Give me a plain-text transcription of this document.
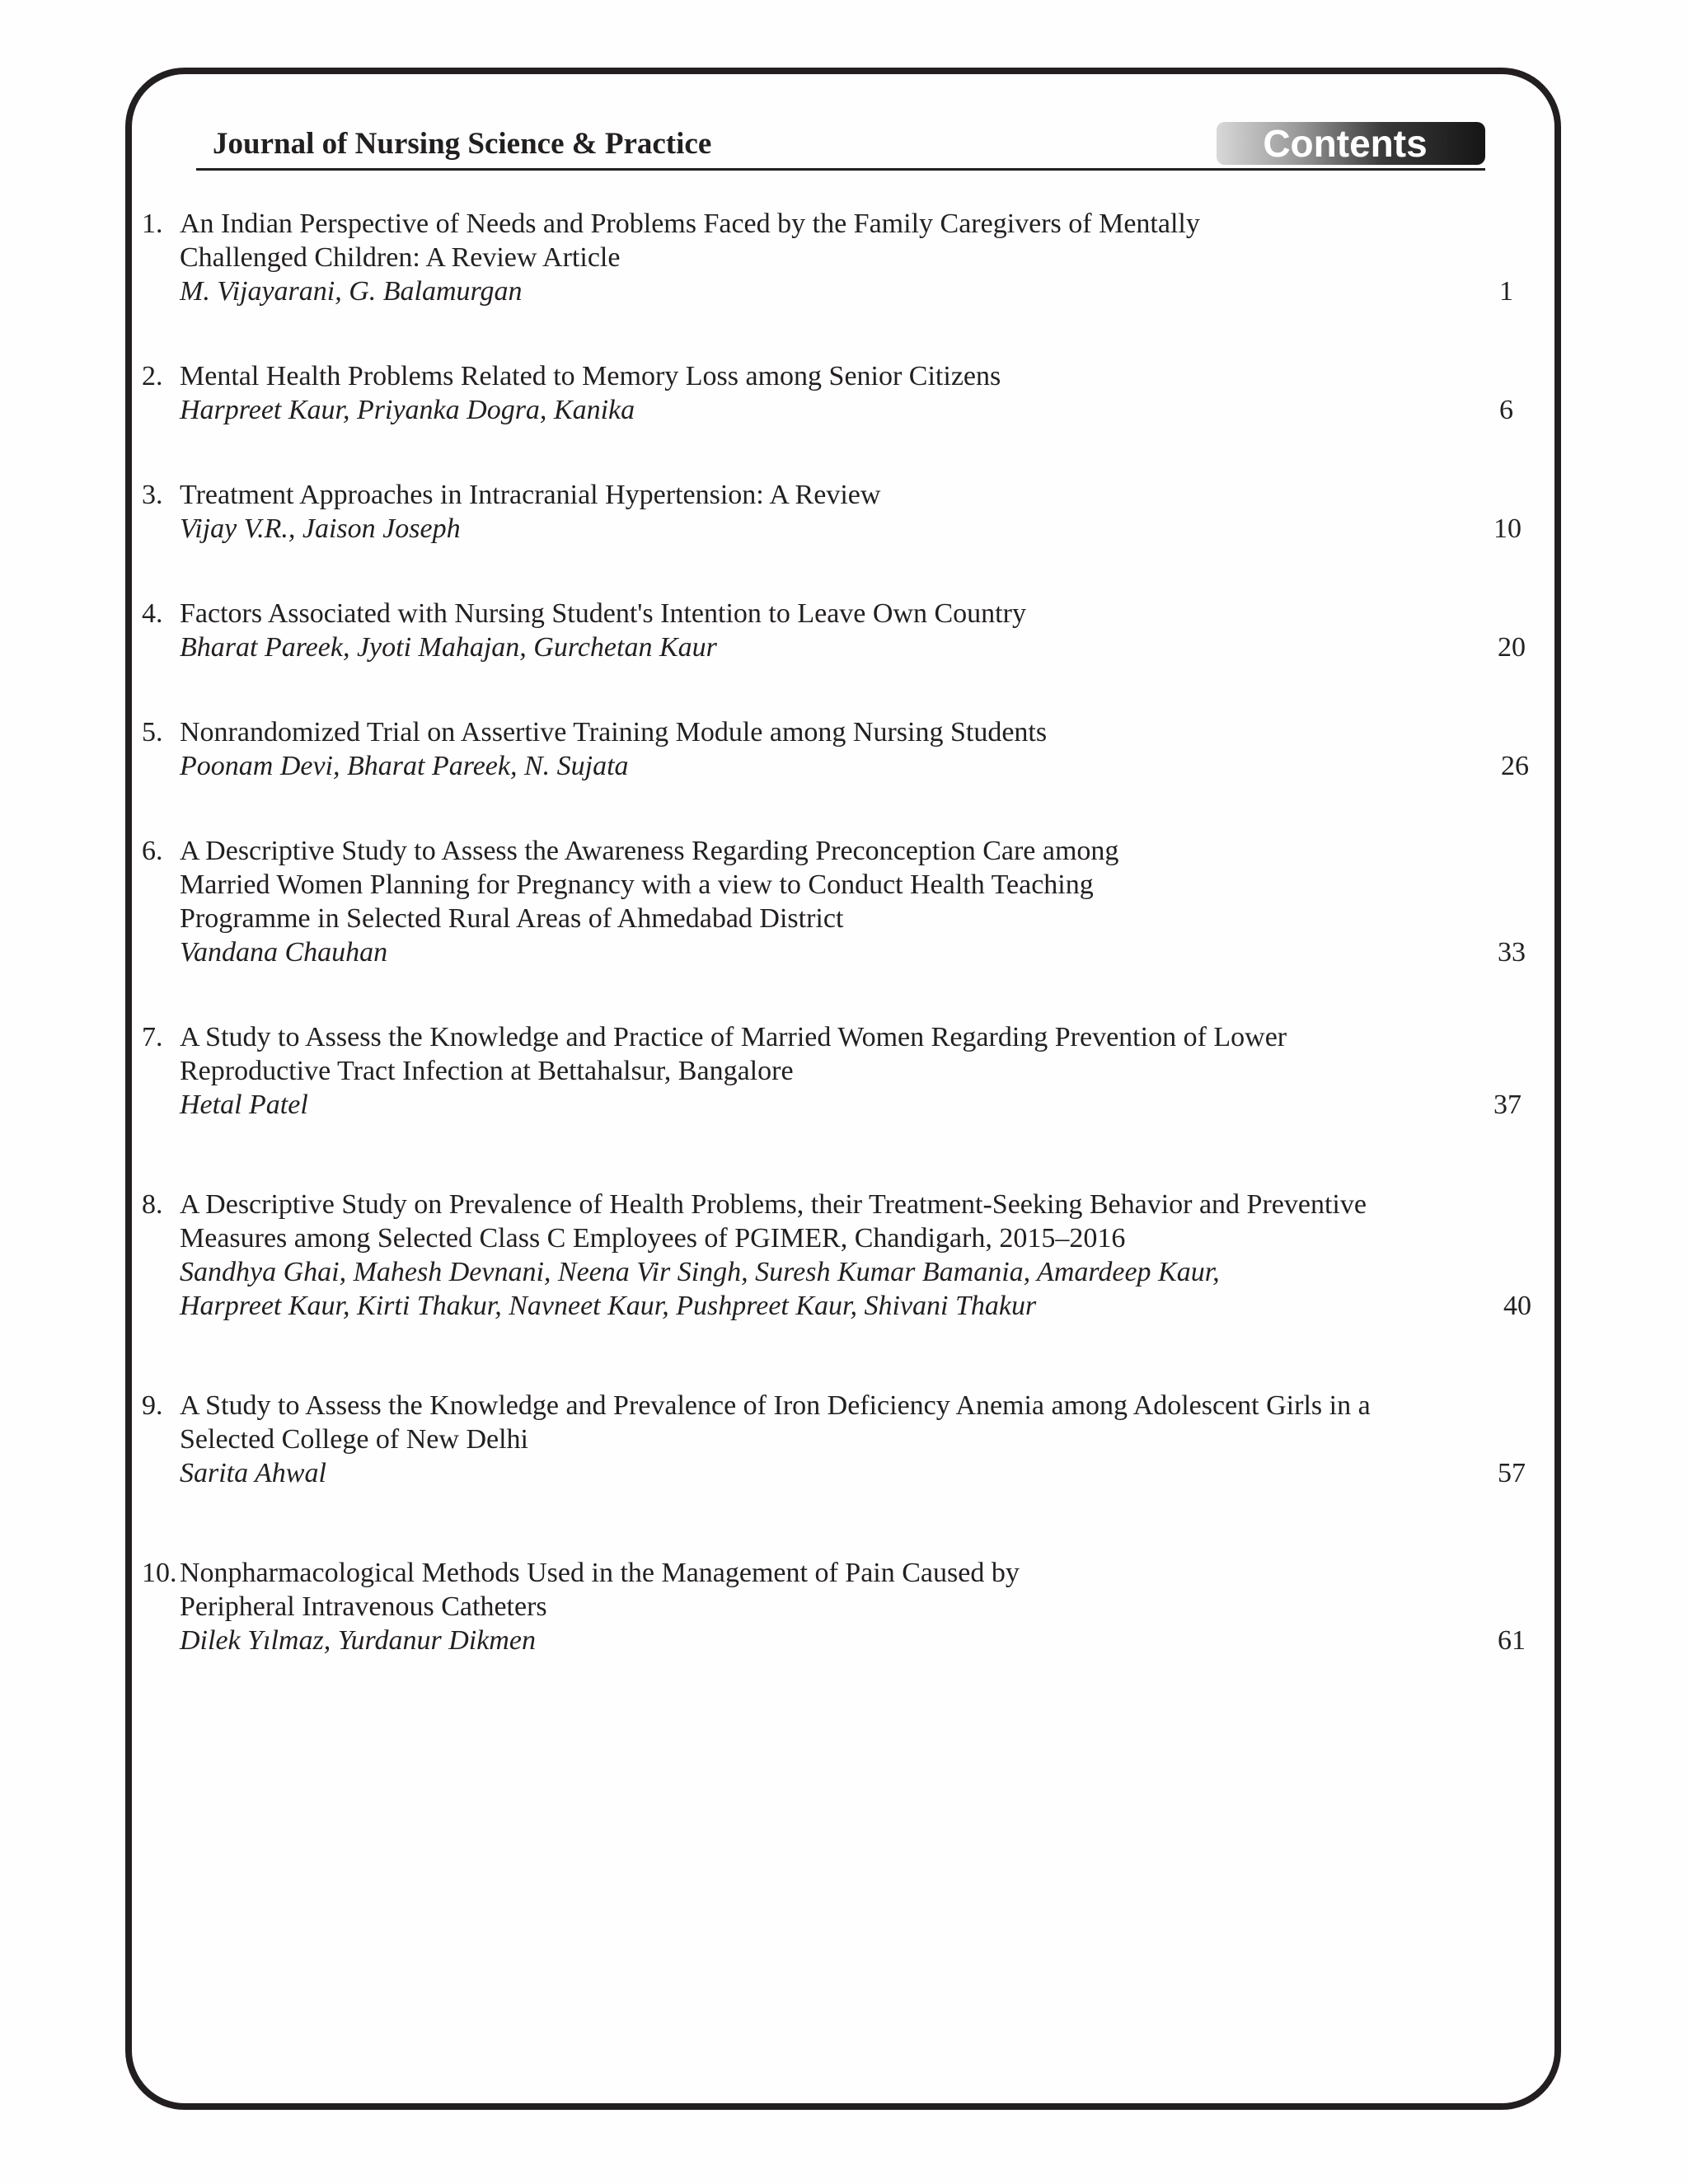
Journal of Nursing Science & Practice	Contents
1. An Indian Perspective of Needs and Problems Faced by the Family Caregivers of Mentally
Challenged Children: A Review Article
M. Vijayarani, G. Balamurgan	1
2. Mental Health Problems Related to Memory Loss among Senior Citizens
Harpreet Kaur, Priyanka Dogra, Kanika	6
3. Treatment Approaches in Intracranial Hypertension: A Review
Vijay V.R., Jaison Joseph	10
4. Factors Associated with Nursing Student's Intention to Leave Own Country
Bharat Pareek, Jyoti Mahajan, Gurchetan Kaur	20
5. Nonrandomized Trial on Assertive Training Module among Nursing Students
Poonam Devi, Bharat Pareek, N. Sujata	26
6. A Descriptive Study to Assess the Awareness Regarding Preconception Care among
Married Women Planning for Pregnancy with a view to Conduct Health Teaching
Programme in Selected Rural Areas of Ahmedabad District
Vandana Chauhan	33
7. A Study to Assess the Knowledge and Practice of Married Women Regarding Prevention of Lower
Reproductive Tract Infection at Bettahalsur, Bangalore
Hetal Patel	37
8. A Descriptive Study on Prevalence of Health Problems, their Treatment-Seeking Behavior and Preventive
Measures among Selected Class C Employees of PGIMER, Chandigarh, 2015–2016
Sandhya Ghai, Mahesh Devnani, Neena Vir Singh, Suresh Kumar Bamania, Amardeep Kaur,
Harpreet Kaur, Kirti Thakur, Navneet Kaur, Pushpreet Kaur, Shivani Thakur	40
9. A Study to Assess the Knowledge and Prevalence of Iron Deficiency Anemia among Adolescent Girls in a
Selected College of New Delhi
Sarita Ahwal	57
10. Nonpharmacological Methods Used in the Management of Pain Caused by
Peripheral Intravenous Catheters
Dilek Yılmaz, Yurdanur Dikmen	61
